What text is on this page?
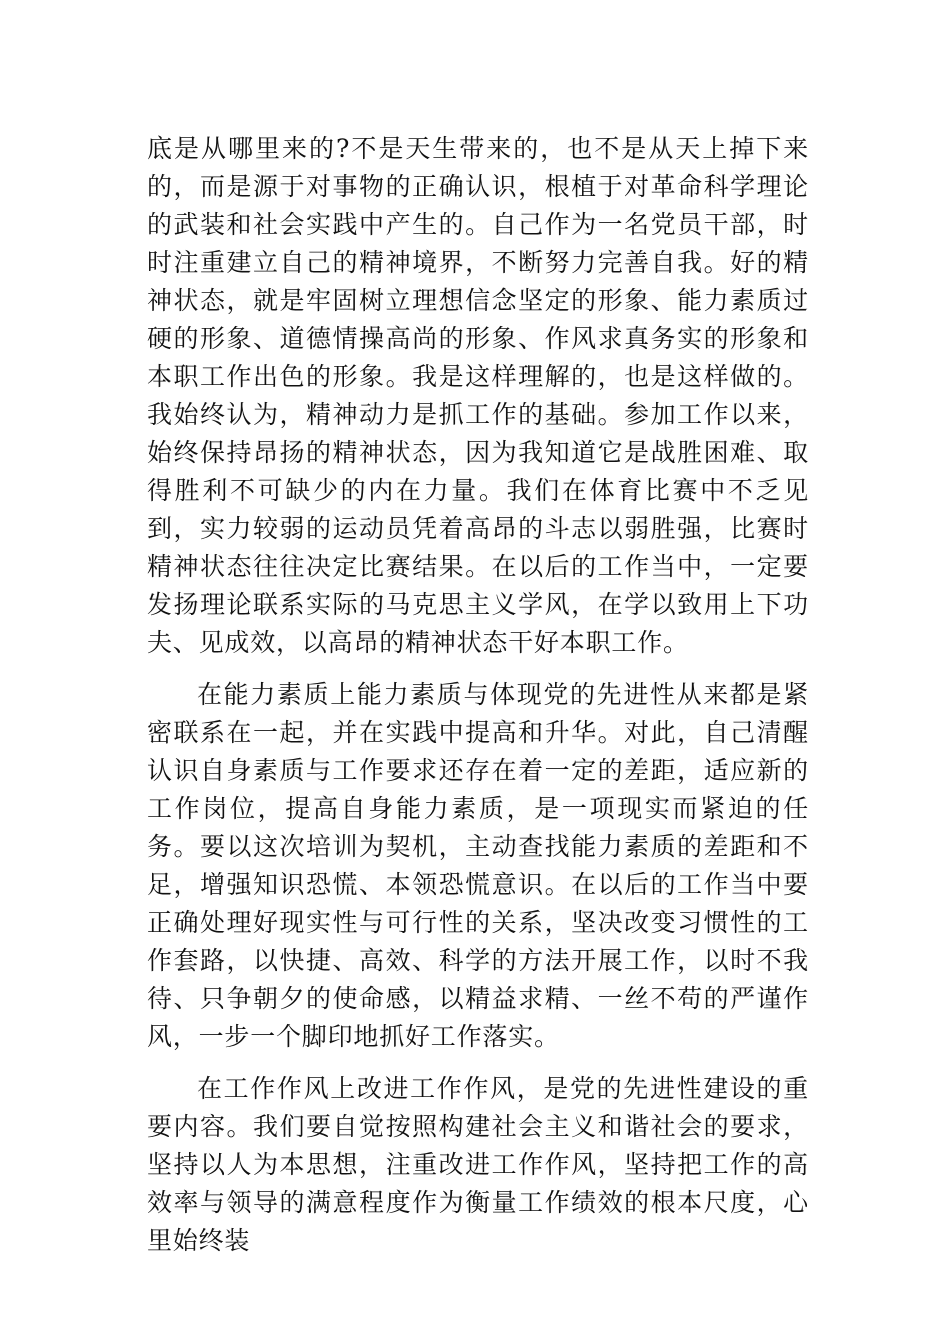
底是从哪里来的?不是天生带来的，也不是从天上掉下来的，而是源于对事物的正确认识，根植于对革命科学理论的武装和社会实践中产生的。自己作为一名党员干部，时时注重建立自己的精神境界，不断努力完善自我。好的精神状态，就是牢固树立理想信念坚定的形象、能力素质过硬的形象、道德情操高尚的形象、作风求真务实的形象和本职工作出色的形象。我是这样理解的，也是这样做的。我始终认为，精神动力是抓工作的基础。参加工作以来，始终保持昂扬的精神状态，因为我知道它是战胜困难、取得胜利不可缺少的内在力量。我们在体育比赛中不乏见到，实力较弱的运动员凭着高昂的斗志以弱胜强，比赛时精神状态往往决定比赛结果。在以后的工作当中，一定要发扬理论联系实际的马克思主义学风，在学以致用上下功夫、见成效，以高昂的精神状态干好本职工作。

在能力素质上能力素质与体现党的先进性从来都是紧密联系在一起，并在实践中提高和升华。对此，自己清醒认识自身素质与工作要求还存在着一定的差距，适应新的工作岗位，提高自身能力素质，是一项现实而紧迫的任务。要以这次培训为契机，主动查找能力素质的差距和不足，增强知识恐慌、本领恐慌意识。在以后的工作当中要正确处理好现实性与可行性的关系，坚决改变习惯性的工作套路，以快捷、高效、科学的方法开展工作，以时不我待、只争朝夕的使命感，以精益求精、一丝不苟的严谨作风，一步一个脚印地抓好工作落实。

在工作作风上改进工作作风，是党的先进性建设的重要内容。我们要自觉按照构建社会主义和谐社会的要求，坚持以人为本思想，注重改进工作作风，坚持把工作的高效率与领导的满意程度作为衡量工作绩效的根本尺度，心里始终装
